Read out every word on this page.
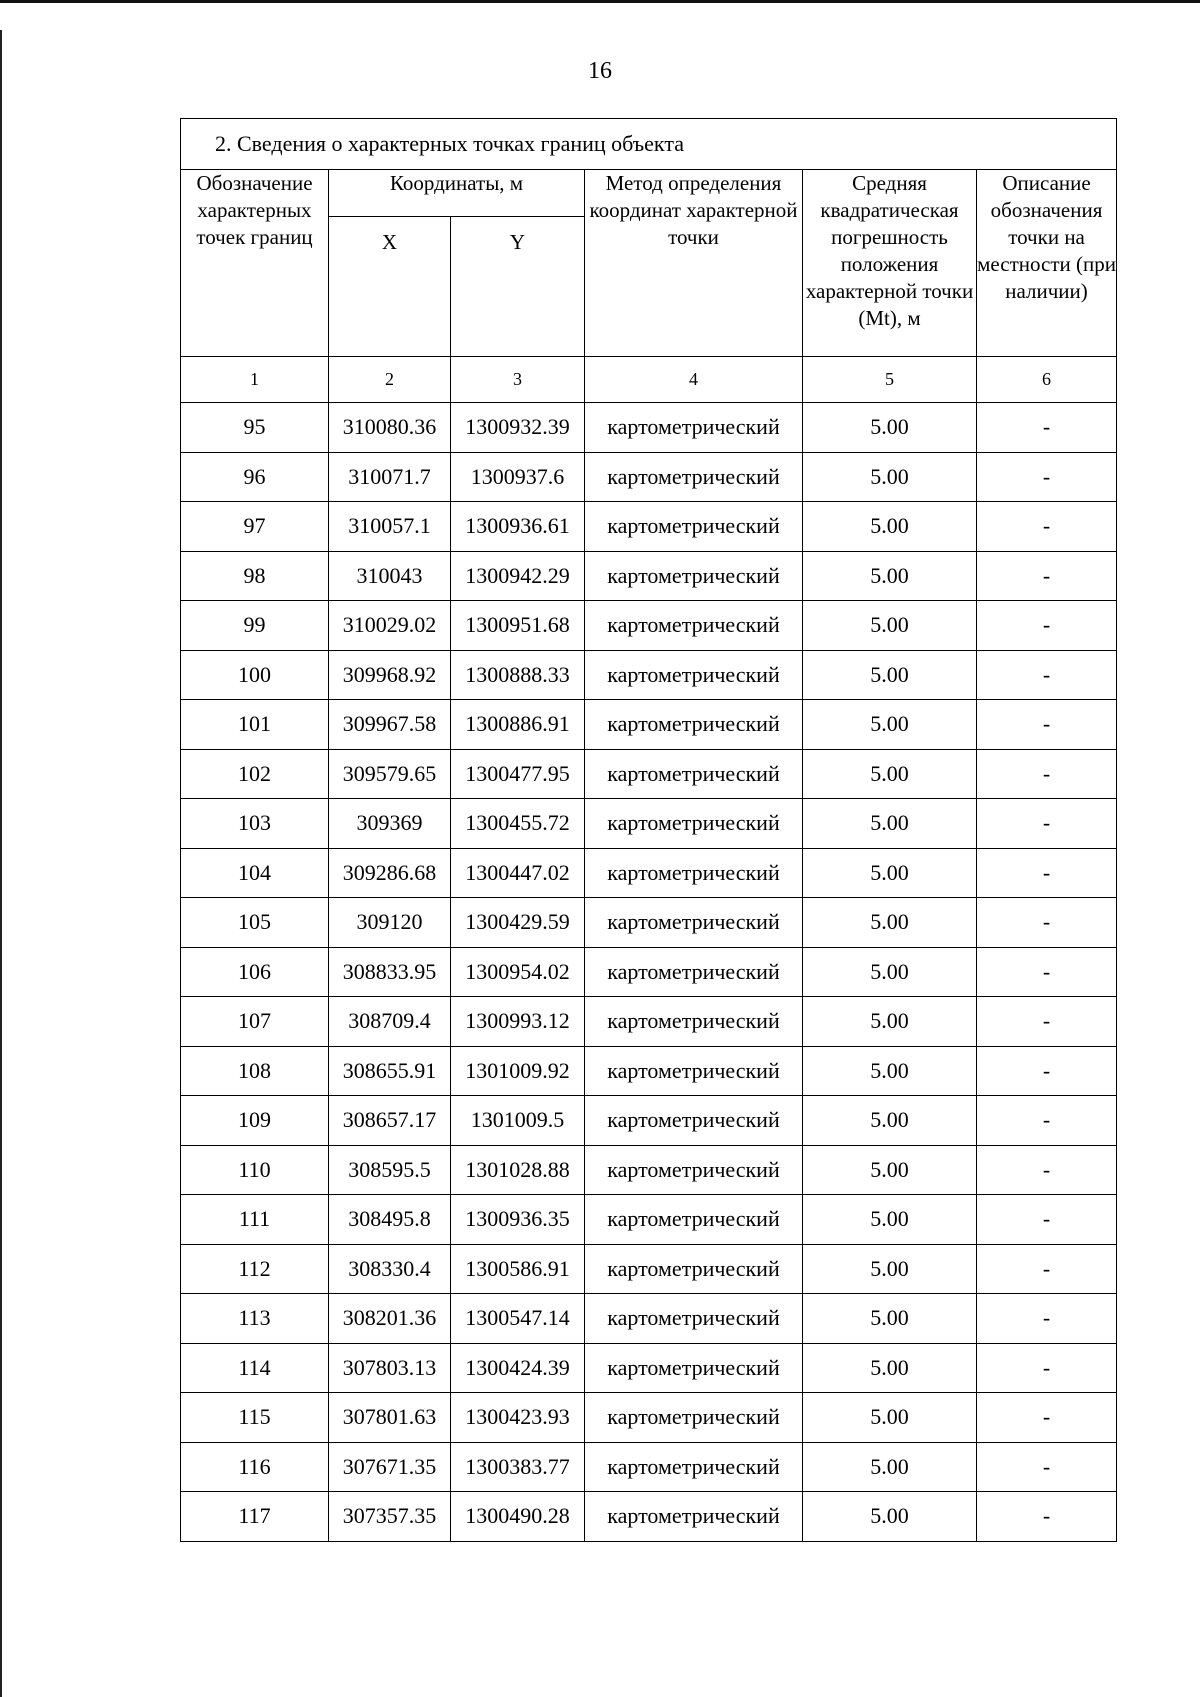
16
2. Сведения о характерных точках границ объекта					
Обозначение характерных точек границ	Координаты, м		Метод определения координат характерной точки	Средняя квадратическая погрешность положения характерной точки (Mt), м	Описание обозначения точки на местности (при наличии)
	X	Y			
1	2	3	4	5	6
95	310080.36	1300932.39	картометрический	5.00	-
96	310071.7	1300937.6	картометрический	5.00	-
97	310057.1	1300936.61	картометрический	5.00	-
98	310043	1300942.29	картометрический	5.00	-
99	310029.02	1300951.68	картометрический	5.00	-
100	309968.92	1300888.33	картометрический	5.00	-
101	309967.58	1300886.91	картометрический	5.00	-
102	309579.65	1300477.95	картометрический	5.00	-
103	309369	1300455.72	картометрический	5.00	-
104	309286.68	1300447.02	картометрический	5.00	-
105	309120	1300429.59	картометрический	5.00	-
106	308833.95	1300954.02	картометрический	5.00	-
107	308709.4	1300993.12	картометрический	5.00	-
108	308655.91	1301009.92	картометрический	5.00	-
109	308657.17	1301009.5	картометрический	5.00	-
110	308595.5	1301028.88	картометрический	5.00	-
111	308495.8	1300936.35	картометрический	5.00	-
112	308330.4	1300586.91	картометрический	5.00	-
113	308201.36	1300547.14	картометрический	5.00	-
114	307803.13	1300424.39	картометрический	5.00	-
115	307801.63	1300423.93	картометрический	5.00	-
116	307671.35	1300383.77	картометрический	5.00	-
117	307357.35	1300490.28	картометрический	5.00	-
